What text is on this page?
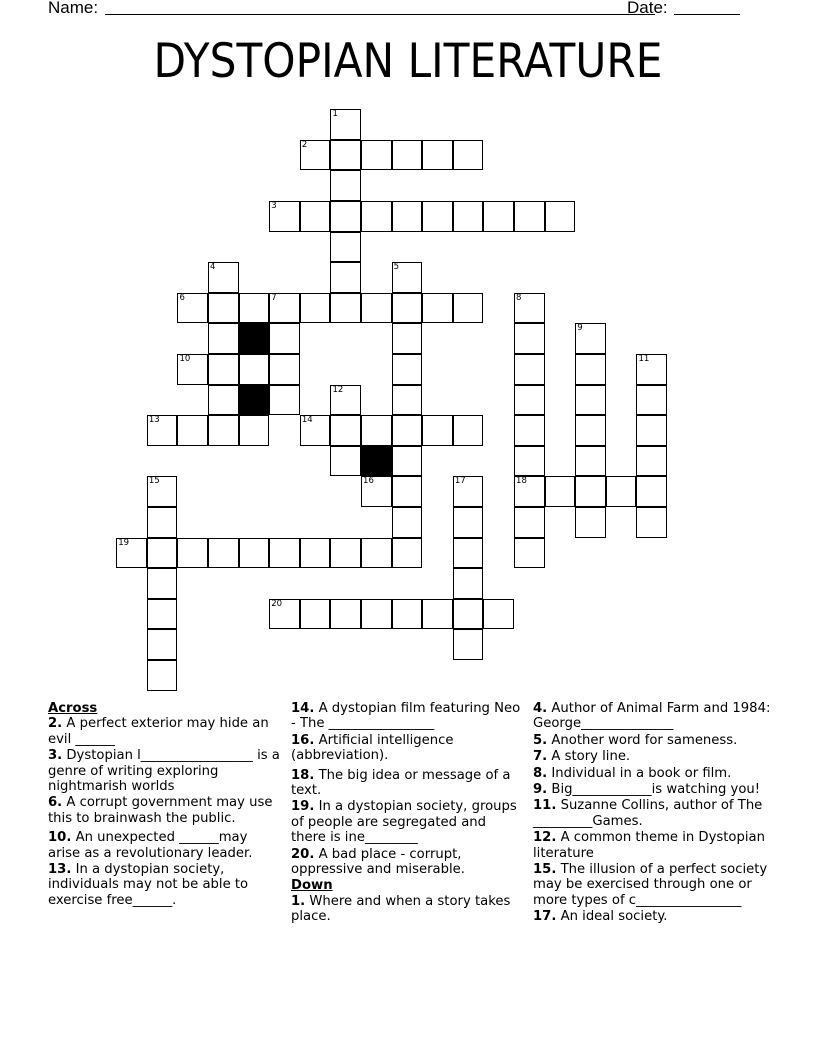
Name:	Date:
DYSTOPIAN LITERATURE
1
2
3
4	5
6	7	8
18
9
10	11
12
13	14
15	16	17
19
20
Across
2. A perfect exterior may hide an evil ______
3. Dystopian l_________________ is a genre of writing exploring nightmarish worlds
6. A corrupt government may use this to brainwash the public.
10. An unexpected ______may arise as a revolutionary leader.
13. In a dystopian society, individuals may not be able to exercise free______.
14. A dystopian film featuring Neo - The ________________
16. Artificial intelligence (abbreviation).
18. The big idea or message of a text.
19. In a dystopian society, groups of people are segregated and there is ine________
20. A bad place - corrupt, oppressive and miserable.
Down
1. Where and when a story takes place.
4. Author of Animal Farm and 1984: George______________
5. Another word for sameness.
7. A story line.
8. Individual in a book or film.
9. Big____________is watching you!
11. Suzanne Collins, author of The _________Games.
12. A common theme in Dystopian literature
15. The illusion of a perfect society may be exercised through one or more types of c________________
17. An ideal society.
